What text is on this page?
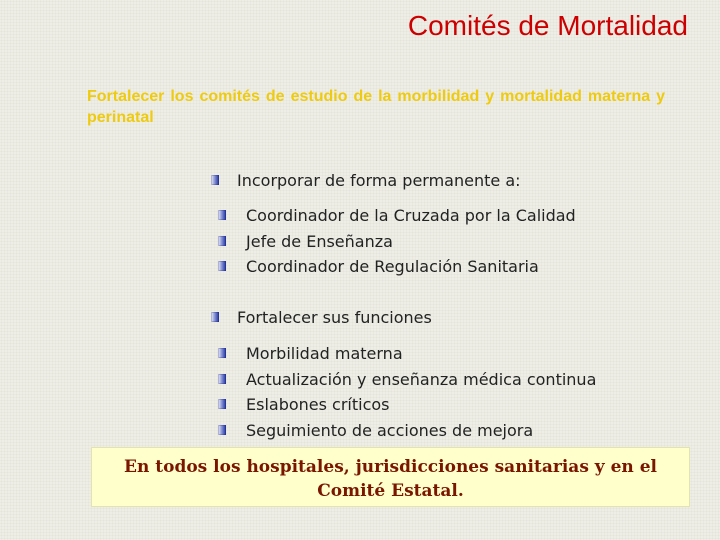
Comités de Mortalidad
Fortalecer los comités de estudio de la morbilidad y mortalidad materna y perinatal
Incorporar de forma permanente a:
Coordinador de la Cruzada por la Calidad
Jefe de Enseñanza
Coordinador de Regulación Sanitaria
Fortalecer sus funciones
Morbilidad materna
Actualización y enseñanza médica continua
Eslabones críticos
Seguimiento de acciones de mejora
En todos los hospitales, jurisdicciones sanitarias y en el Comité Estatal.
